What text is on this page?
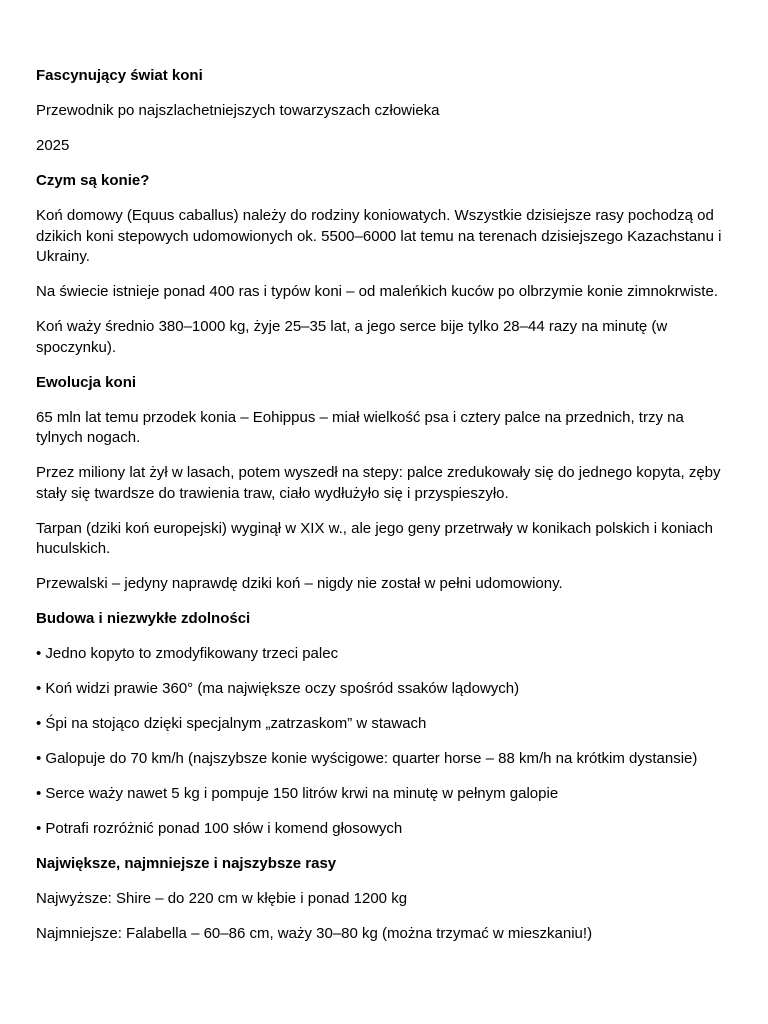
Fascynujący świat koni

Przewodnik po najszlachetniejszych towarzyszach człowieka

2025

Czym są konie?

Koń domowy (Equus caballus) należy do rodziny koniowatych. Wszystkie dzisiejsze rasy pochodzą od dzikich koni stepowych udomowionych ok. 5500–6000 lat temu na terenach dzisiejszego Kazachstanu i Ukrainy.

Na świecie istnieje ponad 400 ras i typów koni – od maleńkich kuców po olbrzymie konie zimnokrwiste.

Koń waży średnio 380–1000 kg, żyje 25–35 lat, a jego serce bije tylko 28–44 razy na minutę (w spoczynku).

Ewolucja koni

65 mln lat temu przodek konia – Eohippus – miał wielkość psa i cztery palce na przednich, trzy na tylnych nogach.

Przez miliony lat żył w lasach, potem wyszedł na stepy: palce zredukowały się do jednego kopyta, zęby stały się twardsze do trawienia traw, ciało wydłużyło się i przyspieszyło.

Tarpan (dziki koń europejski) wyginął w XIX w., ale jego geny przetrwały w konikach polskich i koniach huculskich.

Przewalski – jedyny naprawdę dziki koń – nigdy nie został w pełni udomowiony.

Budowa i niezwykłe zdolności

• Jedno kopyto to zmodyfikowany trzeci palec

• Koń widzi prawie 360° (ma największe oczy spośród ssaków lądowych)

• Śpi na stojąco dzięki specjalnym „zatrzaskom” w stawach

• Galopuje do 70 km/h (najszybsze konie wyścigowe: quarter horse – 88 km/h na krótkim dystansie)

• Serce waży nawet 5 kg i pompuje 150 litrów krwi na minutę w pełnym galopie

• Potrafi rozróżnić ponad 100 słów i komend głosowych

Największe, najmniejsze i najszybsze rasy

Najwyższe: Shire – do 220 cm w kłębie i ponad 1200 kg

Najmniejsze: Falabella – 60–86 cm, waży 30–80 kg (można trzymać w mieszkaniu!)
